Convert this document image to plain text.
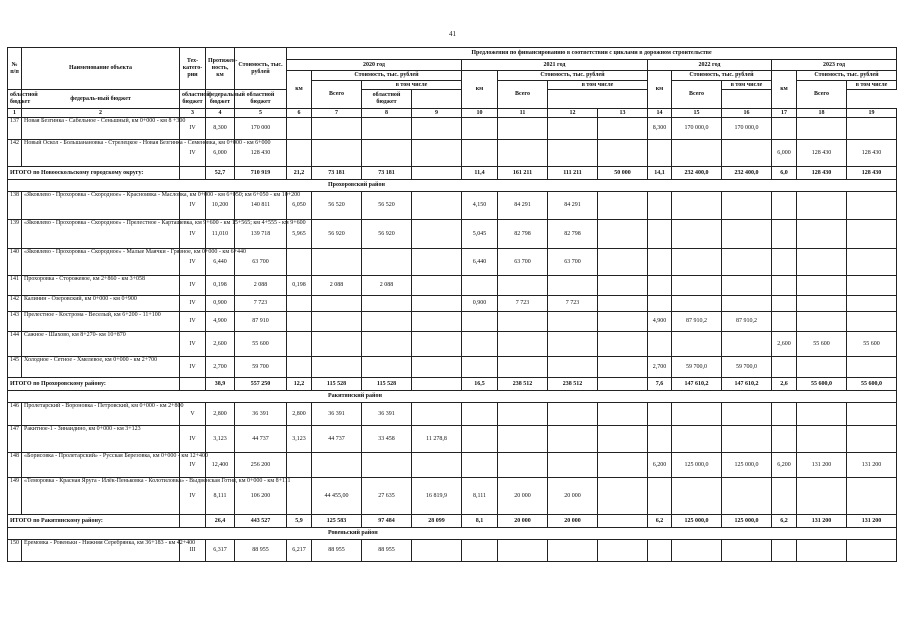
41
№ п/п	Наименование объекта	Тех-катего-рии	Протяжен-ность, км	Стоимость, тыс. рублей	Предложения по финансированию в соответствии с циклами в дорожном строительстве													
					2020 год				2021 год				2022 год			2023 год		
					км	Стоимость, тыс. рублей			км	Стоимость, тыс. рублей			км	Стоимость, тыс. рублей		км	Стоимость, тыс. рублей	
						Всего	в том числе			Всего	в том числе			Всего	в том числе		Всего	в том числе
областной бюджет	федераль-ный бюджет	областной бюджет	федеральный бюджет	областной бюджет			областной бюджет											
1	2	3	4	5	6	7	8	9	10	11	12	13	14	15	16	17	18	19
137	Новая Безгинка - Сабельное - Сеньшный, км 0+000 - км 8 +300	IV	8,300	170 000									8,300	170 000,0	170 000,0			
142	Новый Оскол - Большанановка - Стрелецкое - Новая Безгинка - Семеновка, км 0+000 - км 6+000	IV	6,000	128 430												6,000	128 430	128 430
ИТОГО по Новооскольскому городскому округу:			52,7	710 919	21,2	73 181	73 181		11,4	161 211	111 211	50 000	14,1	232 400,0	232 400,0	6,0	128 430	128 430
Прохоровский район																		
138	«Яковлево - Прохоровка - Скородное» - Красноивка - Масловка, км 0+000 - км 6+050; км 6+050 - км 10+200	IV	10,200	140 811	6,050	56 520	56 520		4,150	84 291	84 291							
139	«Яковлево - Прохоровка - Скородное» - Прелестное - Карташевка, км 9+600 - км 15+565; км 4+555 - км 9+600	IV	11,010	139 718	5,965	56 920	56 920		5,045	82 798	82 798							
140	«Яковлево - Прохоровка - Скородное» - Малые Маячки - Грязное, км 0+000 - км 6+440	IV	6,440	63 700					6,440	63 700	63 700							
141	Прохоровка - Сторожевое, км 2+860 - км 3+058	IV	0,198	2 088	0,198	2 088	2 088											
142	Калинин - Озеровский, км 0+000 - км 0+900	IV	0,900	7 723					0,900	7 723	7 723							
143	Прелестное - Кострома - Веселый, км 6+200 - 11+100	IV	4,900	87 910									4,900	87 910,2	87 910,2			
144	Сажное - Шахово, км 8+270- км 10+870	IV	2,600	55 600												2,600	55 600	55 600
145	Холодное - Сетное - Хмелевое, км 0+000 - км 2+700	IV	2,700	59 700									2,700	59 700,0	59 700,0			
ИТОГО по Прохоровскому району:			38,9	557 250	12,2	115 528	115 528		16,5	238 512	238 512		7,6	147 610,2	147 610,2	2,6	55 600,0	55 600,0
Ракитянский район																		
146	Пролетарский - Вороновка - Петровский, км 0+000 - км 2+800	V	2,800	36 391	2,800	36 391	36 391											
147	Ракитное-1 - Зинаидино, км 0+000 - км 3+123	IV	3,123	44 737	3,123	44 737	33 458	11 278,8										
148	«Борисовка - Пролетарский» - Русская Березовка, км 0+000 - км 12+400	IV	12,400	256 200									6,200	125 000,0	125 000,0	6,200	131 200	131 200
149	«Теморовка - Красная Яруга - Илёк-Пеньковка - Колотиловка» - Выдвенская Готня, км 0+000 - км 8+111	IV	8,111	106 200		44 455,00	27 635	16 819,9	8,111	20 000	20 000							
ИТОГО по Ракитянскому району:			26,4	443 527	5,9	125 583	97 484	28 099	8,1	20 000	20 000		6,2	125 000,0	125 000,0	6,2	131 200	131 200
Ровеньский район																		
150	Еремовка - Ровеньки - Нижняя Серебрянка, км 36+183 - км 42+400	III	6,317	88 955	6,217	88 955	88 955											
